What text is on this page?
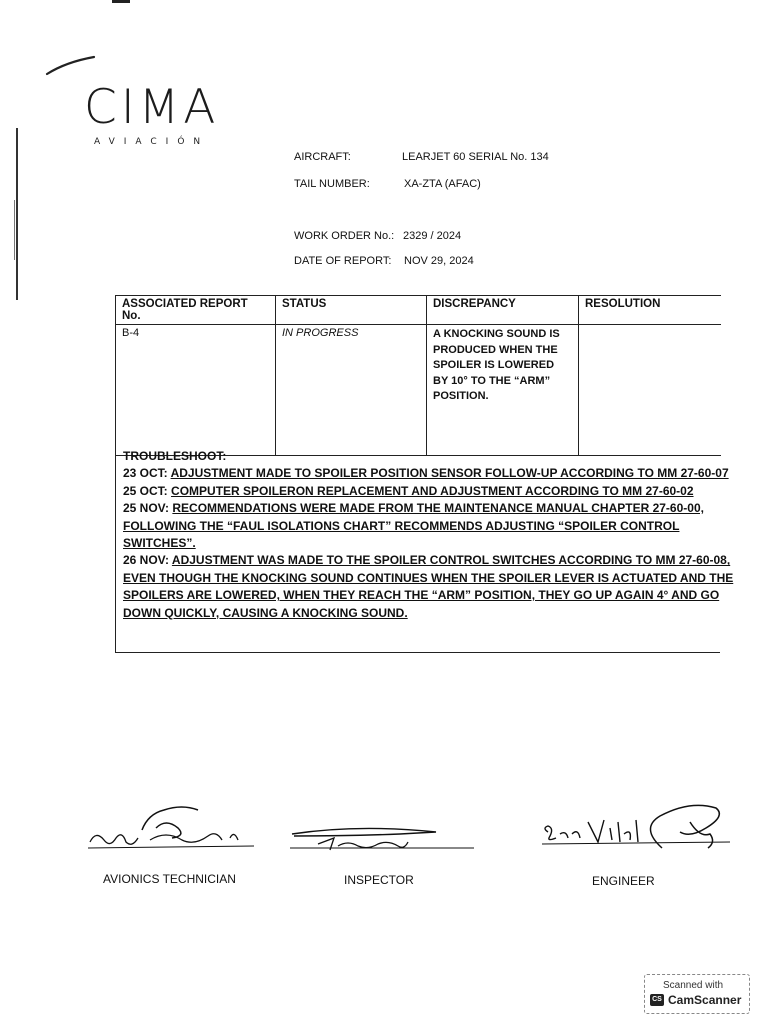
CIMA
AVIACIÓN
AIRCRAFT:	LEARJET 60 SERIAL No. 134
TAIL NUMBER:	XA-ZTA (AFAC)
WORK ORDER No.: 2329 / 2024
DATE OF REPORT: NOV 29, 2024
ASSOCIATED REPORT No.	STATUS	DISCREPANCY	RESOLUTION
B-4	IN PROGRESS	A KNOCKING SOUND IS PRODUCED WHEN THE SPOILER IS LOWERED BY 10° TO THE “ARM” POSITION.	
TROUBLESHOOT:
23 OCT: ADJUSTMENT MADE TO SPOILER POSITION SENSOR FOLLOW-UP ACCORDING TO MM 27-60-07
25 OCT: COMPUTER SPOILERON REPLACEMENT AND ADJUSTMENT ACCORDING TO MM 27-60-02
25 NOV: RECOMMENDATIONS WERE MADE FROM THE MAINTENANCE MANUAL CHAPTER 27-60-00,
FOLLOWING THE “FAUL ISOLATIONS CHART” RECOMMENDS ADJUSTING “SPOILER CONTROL
SWITCHES”.
26 NOV: ADJUSTMENT WAS MADE TO THE SPOILER CONTROL SWITCHES ACCORDING TO MM 27-60-08,
EVEN THOUGH THE KNOCKING SOUND CONTINUES WHEN THE SPOILER LEVER IS ACTUATED AND THE
SPOILERS ARE LOWERED, WHEN THEY REACH THE “ARM” POSITION, THEY GO UP AGAIN 4° AND GO
DOWN QUICKLY, CAUSING A KNOCKING SOUND.
AVIONICS TECHNICIAN	INSPECTOR	ENGINEER
Scanned with
CS CamScanner
